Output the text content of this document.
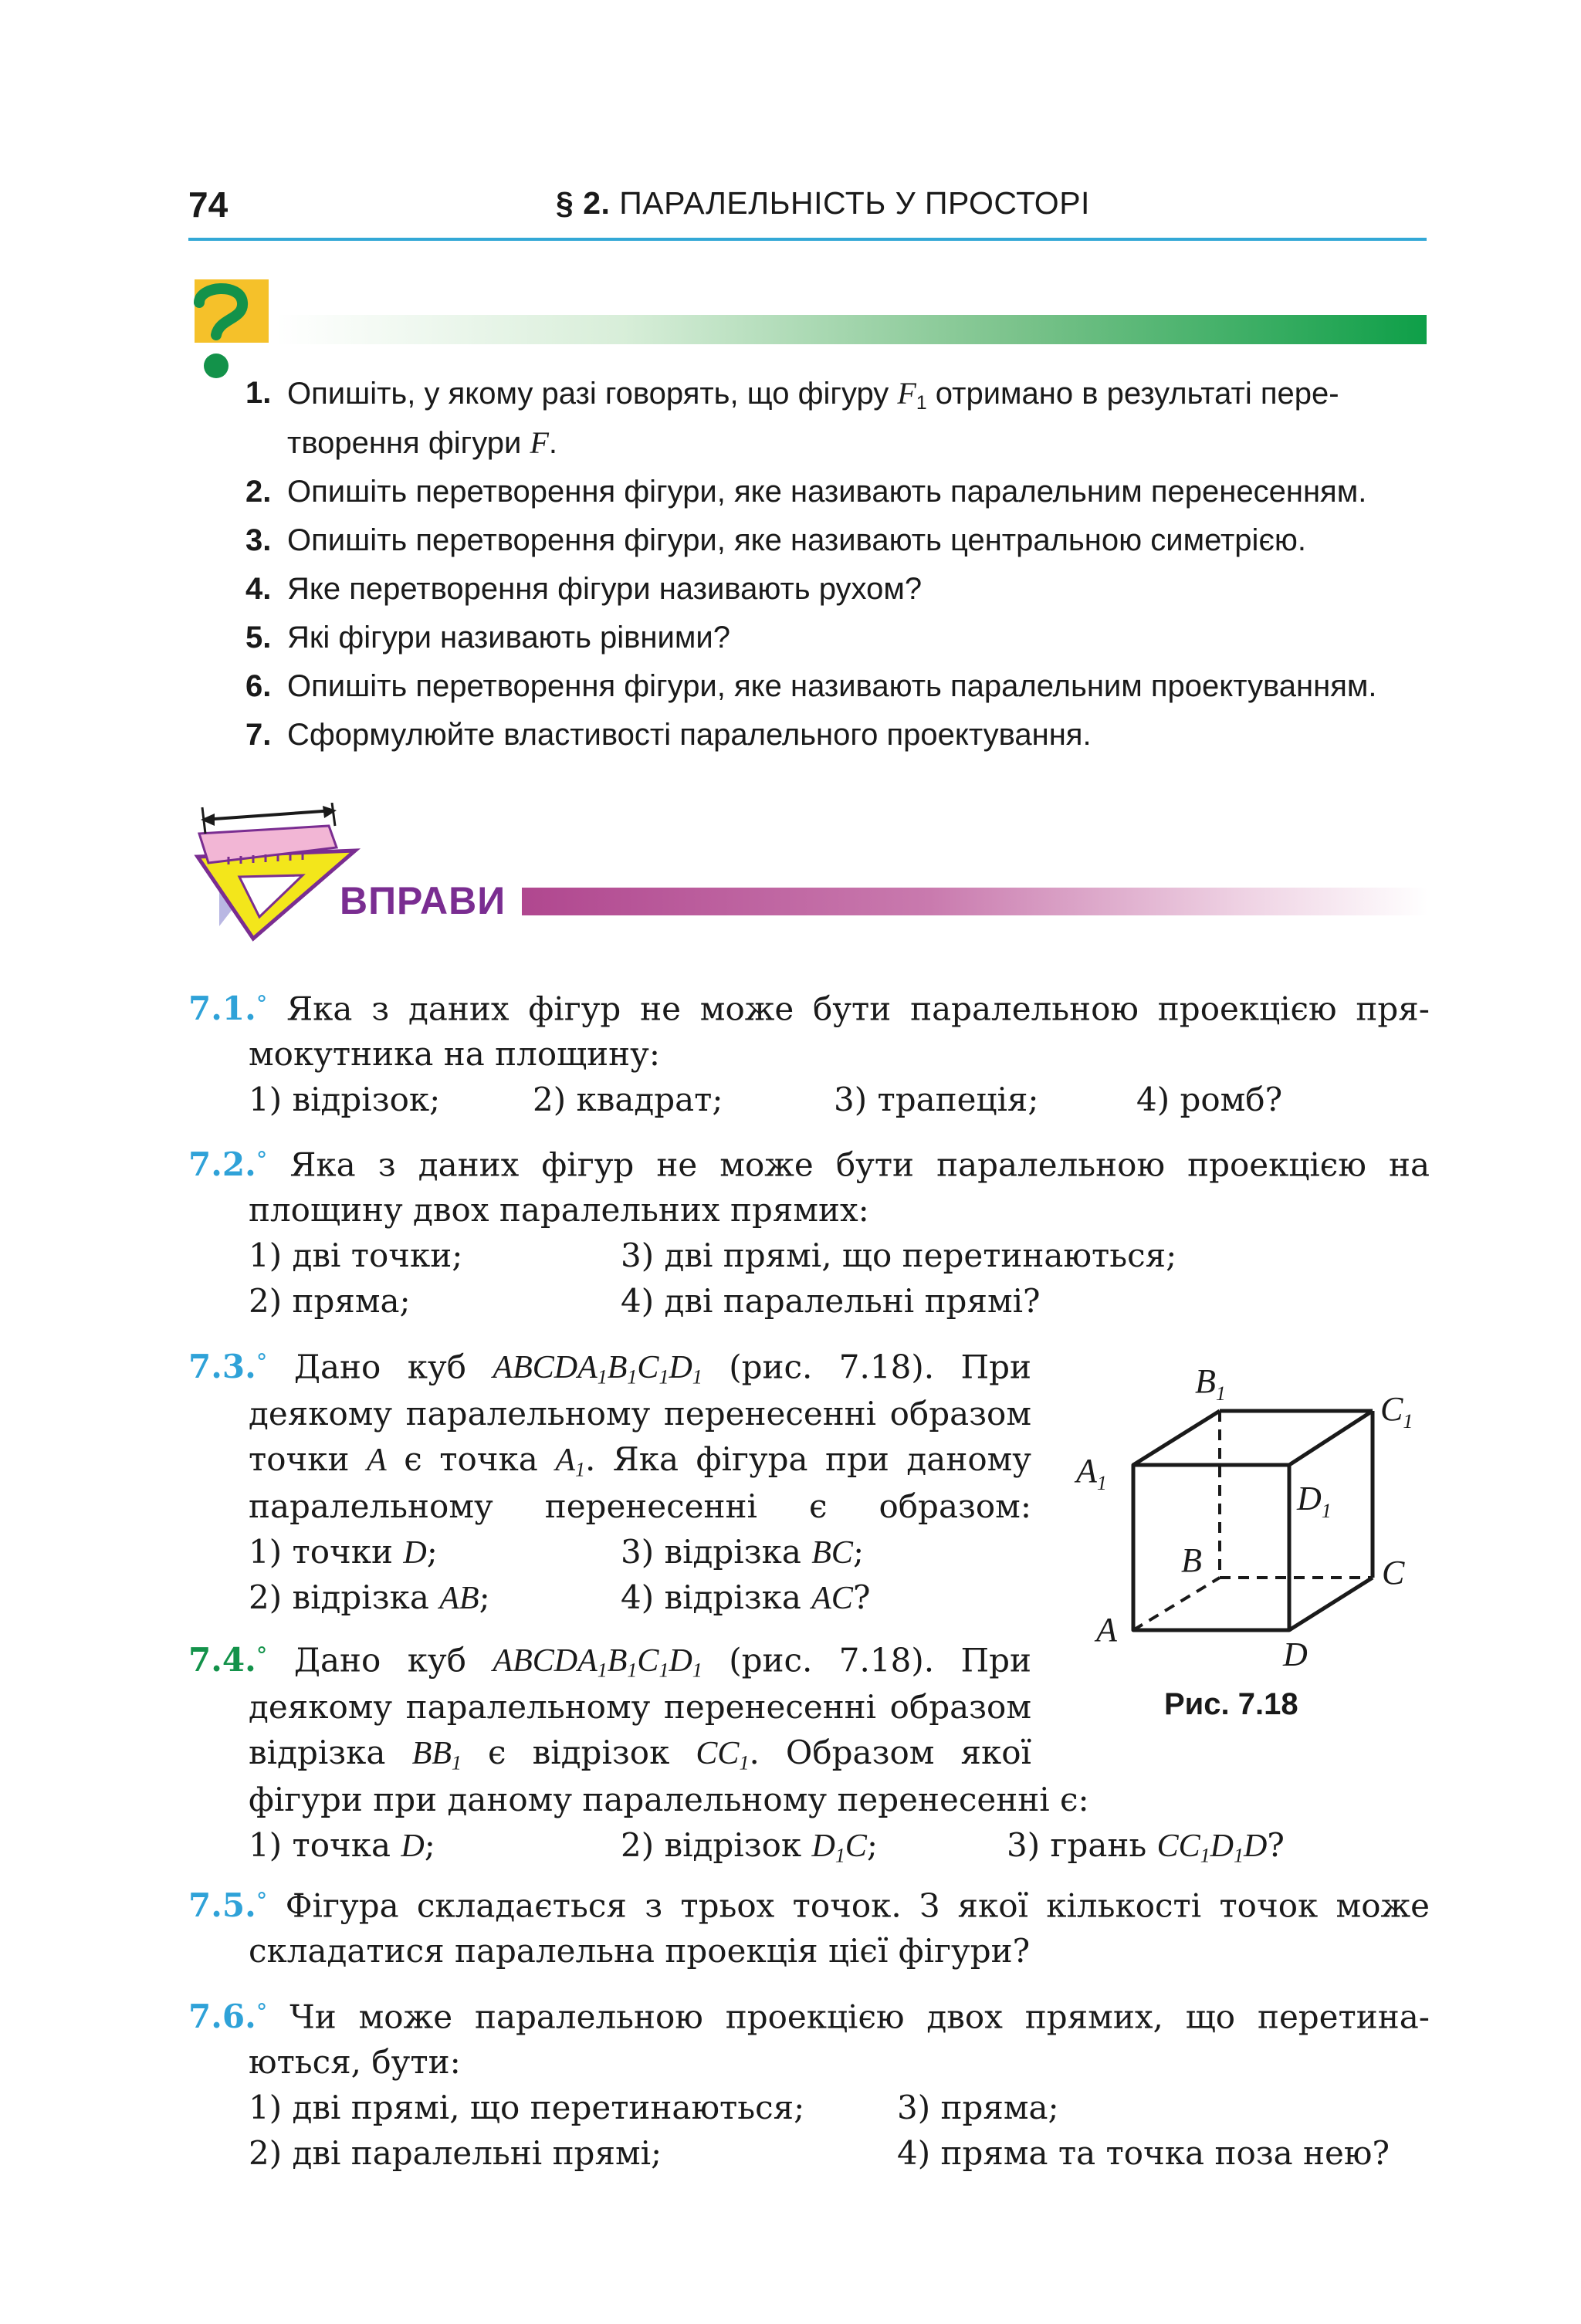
74	§ 2. ПАРАЛЕЛЬНІСТЬ У ПРОСТОРІ
1. Опишіть, у якому разі говорять, що фігуру $F_1$ отримано в результаті пере-
творення фігури F.
2. Опишіть перетворення фігури, яке називають паралельним перенесенням.
3. Опишіть перетворення фігури, яке називають центральною симетрією.
4. Яке перетворення фігури називають рухом?
5. Які фігури називають рівними?
6. Опишіть перетворення фігури, яке називають паралельним проектуванням.
7. Сформулюйте властивості паралельного проектування.
ВПРАВИ
7.1.° Яка з даних фігур не може бути паралельною проекцією пря-
мокутника на площину:
1) відрізок;	2) квадрат;	3) трапеція;	4) ромб?
7.2.° Яка з даних фігур не може бути паралельною проекцією на
площину двох паралельних прямих:
1) дві точки;	3) дві прямі, що перетинаються;
2) пряма;	4) дві паралельні прямі?
7.3.° Дано куб $ABCDA_1B_1C_1D_1$ (рис. 7.18). При
деякому паралельному перенесенні образом
точки A є точка $A_1$. Яка фігура при даному
паралельному перенесенні є образом:
1) точки D;	3) відрізка BC;
2) відрізка AB;	4) відрізка AC?
$B_1$	$C_1$
$A_1$	$D_1$
B	C
A
D
Рис. 7.18
7.4.° Дано куб $ABCDA_1B_1C_1D_1$ (рис. 7.18). При
деякому паралельному перенесенні образом
відрізка $BB_1$ є відрізок $CC_1$. Образом якої
фігури при даному паралельному перенесенні є:
1) точка D;	2) відрізок $D_1C$;	3) грань $CC_1D_1D$?
7.5.° Фігура складається з трьох точок. З якої кількості точок може
складатися паралельна проекція цієї фігури?
7.6.° Чи може паралельною проекцією двох прямих, що перетина-
ються, бути:
1) дві прямі, що перетинаються;	3) пряма;
2) дві паралельні прямі;	4) пряма та точка поза нею?
